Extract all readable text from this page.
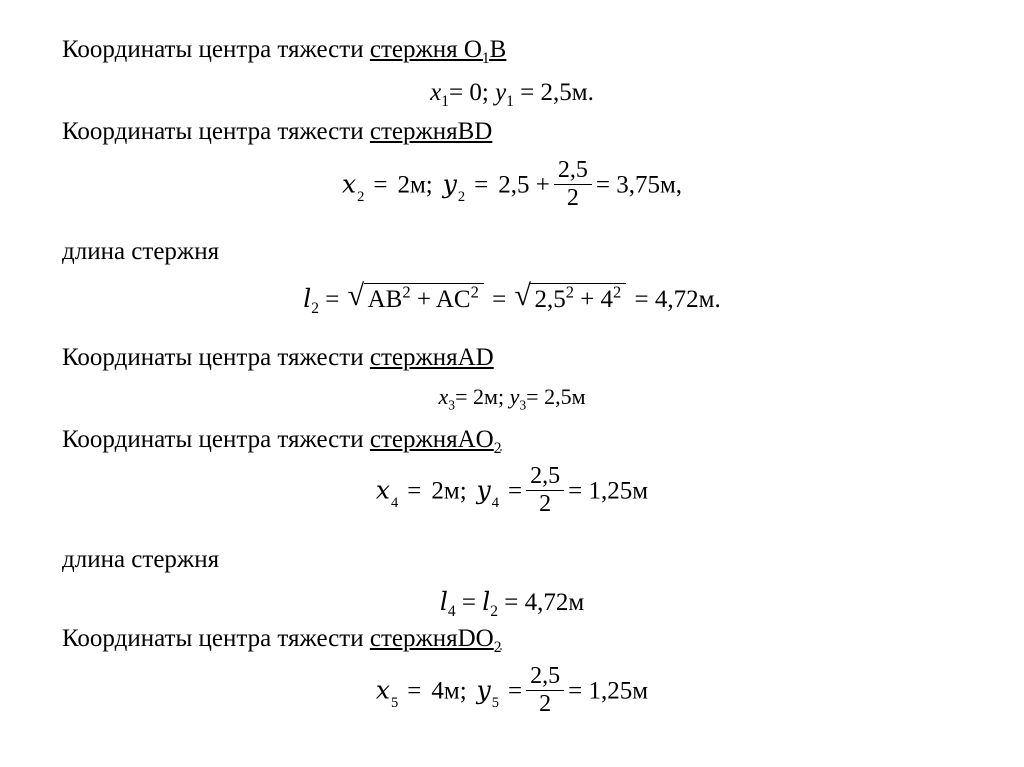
Координаты центра тяжести стержня $O_1В$
$x_1= 0$; $y_1 = 2,5м$.
Координаты центра тяжести стержняBD
$x_2 = 2м$; $y_2 = 2,5 + \frac{2,5}{2} = 3,75м$,
длина стержня
$l_2$ = √ $AB^2 + AC^2$ = √ $2,5^2 + 4^2 = 4,72м$.
Координаты центра тяжести стержняAD
$x_3= 2м$; $y_3= 2,5м$
Координаты центра тяжести стержняAO$_2$
$x_4 = 2м$; $y_4 = \frac{2,5}{2} = 1,25м$
длина стержня
$l_4 = l_2 = 4,72м$
Координаты центра тяжести стержняDO$_2$
$x_5 = 4м$; $y_5 = \frac{2,5}{2} = 1,25м$
